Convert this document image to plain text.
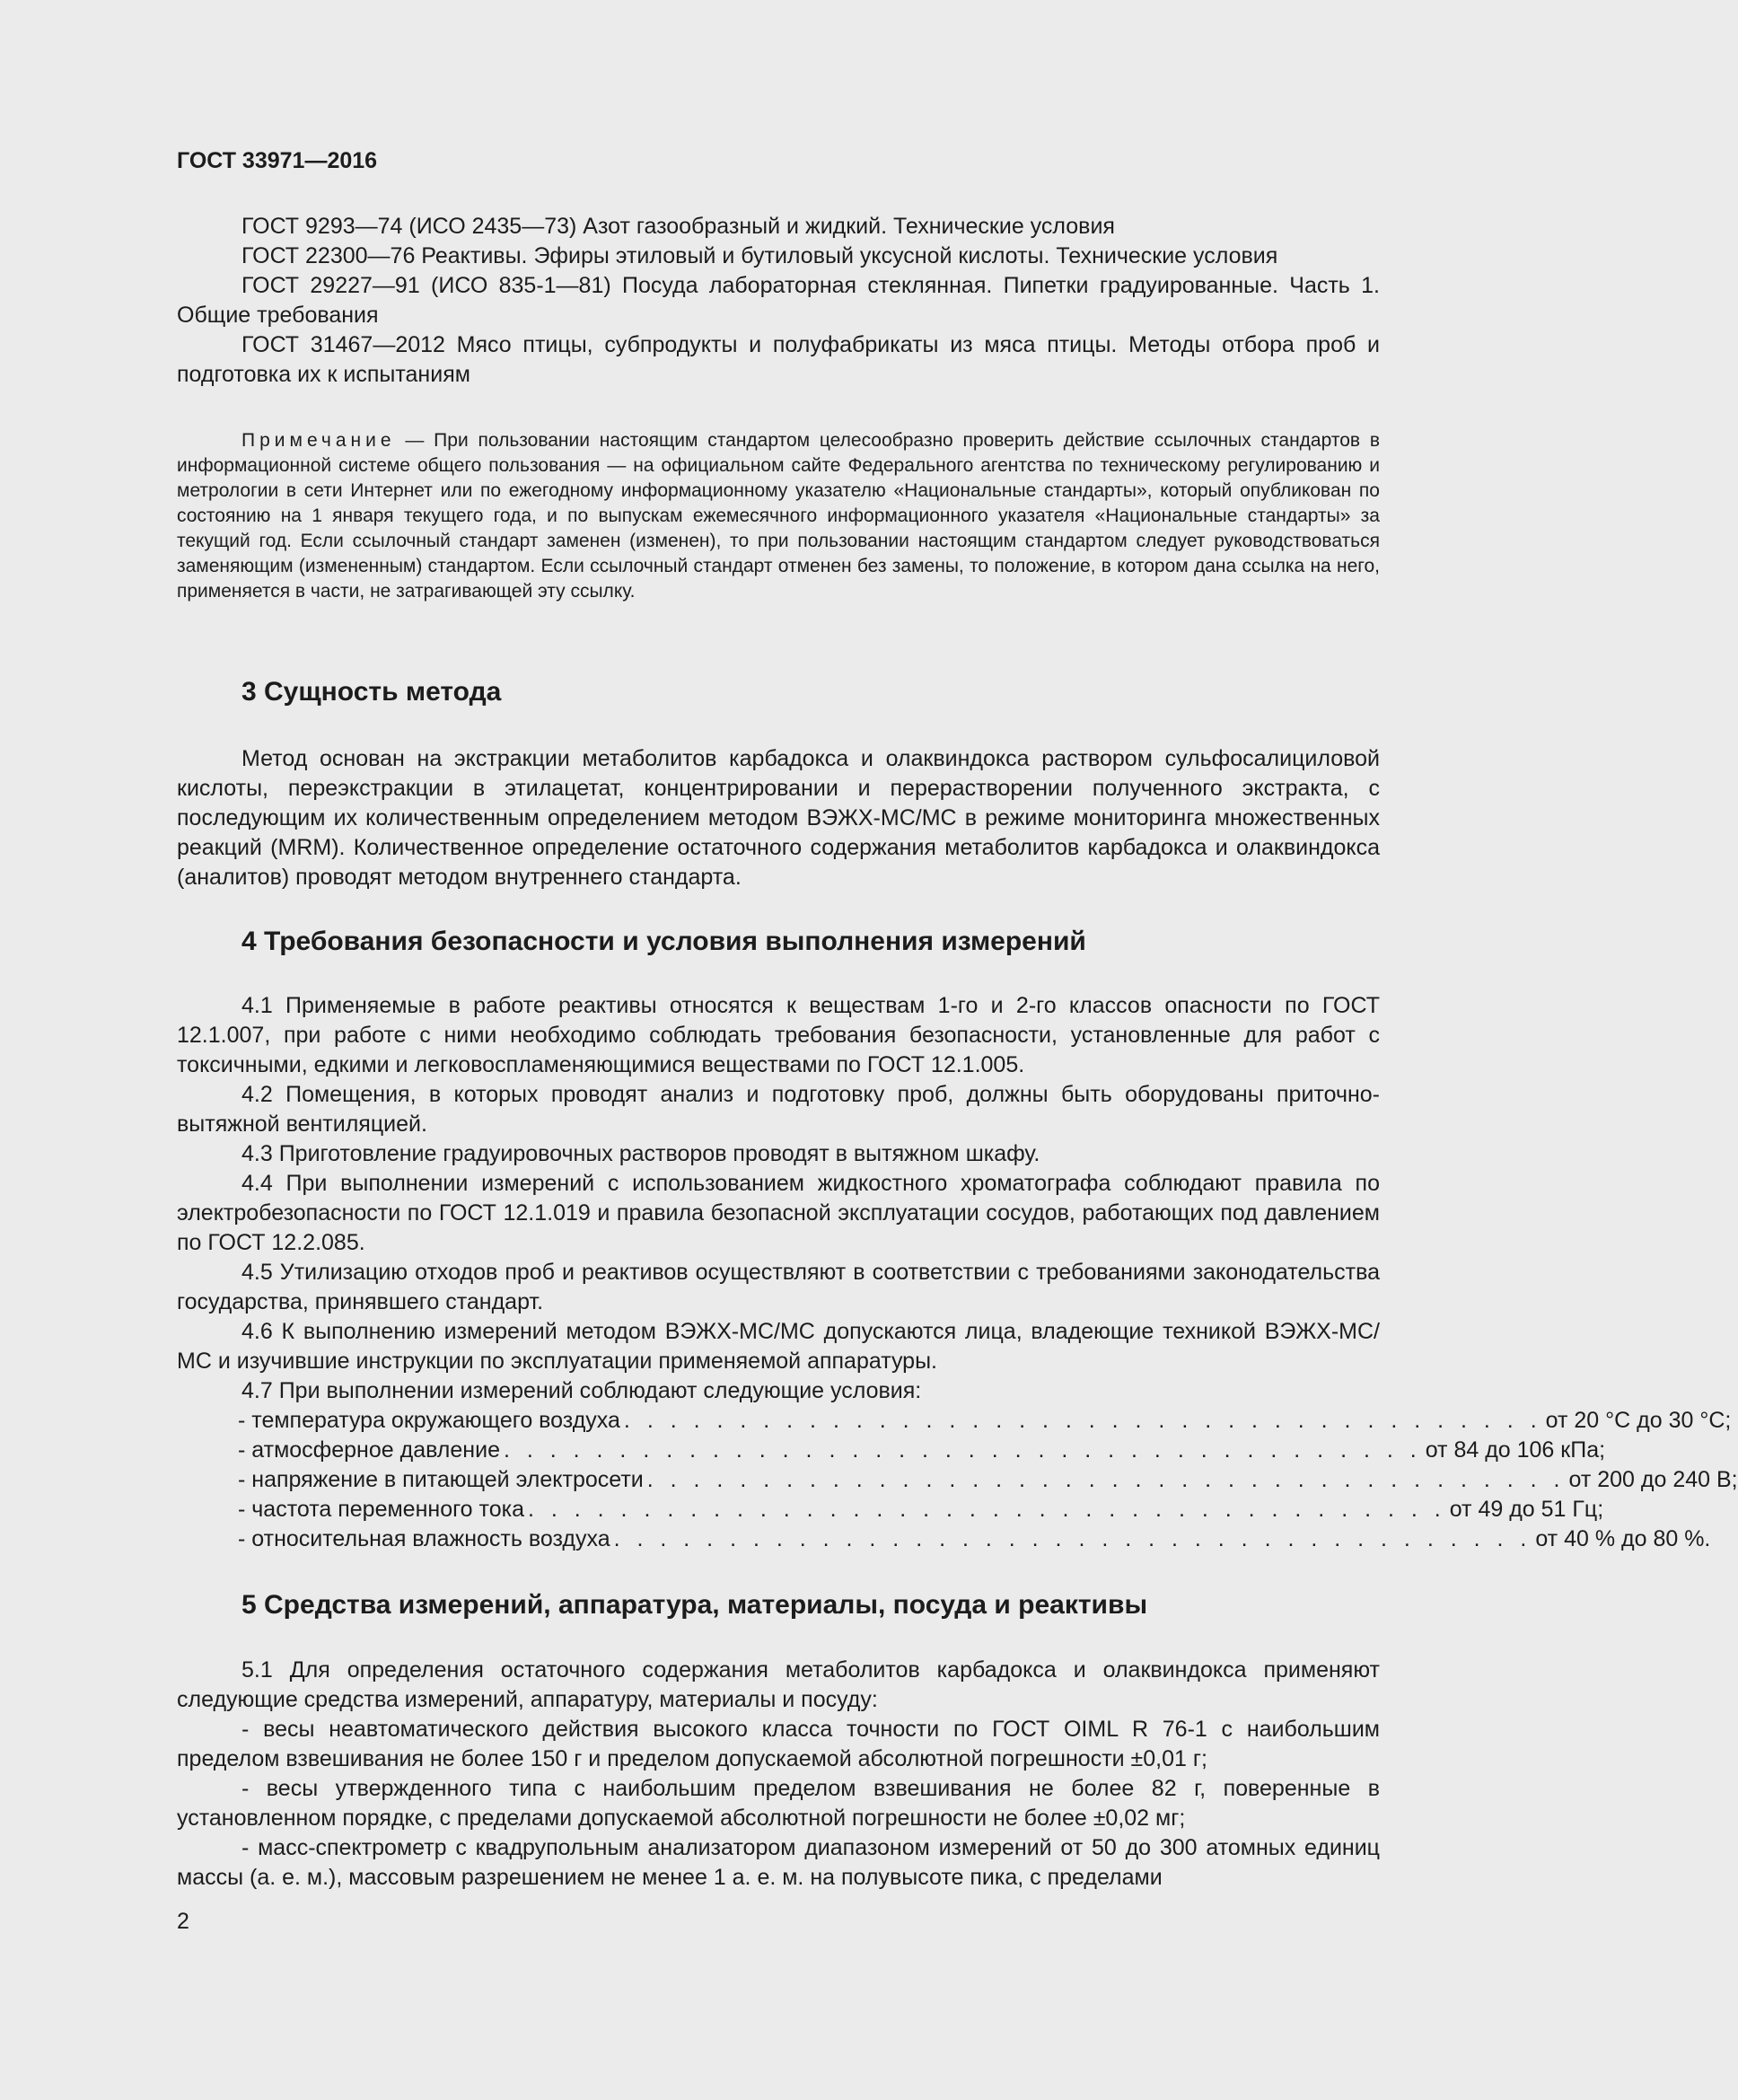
ГОСТ 33971—2016

ГОСТ 9293—74 (ИСО 2435—73) Азот газообразный и жидкий. Технические условия

ГОСТ 22300—76 Реактивы. Эфиры этиловый и бутиловый уксусной кислоты. Технические условия

ГОСТ 29227—91 (ИСО 835-1—81) Посуда лабораторная стеклянная. Пипетки градуированные. Часть 1. Общие требования

ГОСТ 31467—2012 Мясо птицы, субпродукты и полуфабрикаты из мяса птицы. Методы отбора проб и подготовка их к испытаниям

Примечание — При пользовании настоящим стандартом целесообразно проверить действие ссылочных стандартов в информационной системе общего пользования — на официальном сайте Федерального агентства по техническому регулированию и метрологии в сети Интернет или по ежегодному информационному указателю «Национальные стандарты», который опубликован по состоянию на 1 января текущего года, и по выпускам ежемесячного информационного указателя «Национальные стандарты» за текущий год. Если ссылочный стандарт заменен (изменен), то при пользовании настоящим стандартом следует руководствоваться заменяющим (измененным) стандартом. Если ссылочный стандарт отменен без замены, то положение, в котором дана ссылка на него, применяется в части, не затрагивающей эту ссылку.

3 Сущность метода

Метод основан на экстракции метаболитов карбадокса и олаквиндокса раствором сульфосалициловой кислоты, переэкстракции в этилацетат, концентрировании и перерастворении полученного экстракта, с последующим их количественным определением методом ВЭЖХ-МС/МС в режиме мониторинга множественных реакций (MRM). Количественное определение остаточного содержания метаболитов карбадокса и олаквиндокса (аналитов) проводят методом внутреннего стандарта.

4 Требования безопасности и условия выполнения измерений

4.1 Применяемые в работе реактивы относятся к веществам 1-го и 2-го классов опасности по ГОСТ 12.1.007, при работе с ними необходимо соблюдать требования безопасности, установленные для работ с токсичными, едкими и легковоспламеняющимися веществами по ГОСТ 12.1.005.

4.2 Помещения, в которых проводят анализ и подготовку проб, должны быть оборудованы приточно-вытяжной вентиляцией.

4.3 Приготовление градуировочных растворов проводят в вытяжном шкафу.

4.4 При выполнении измерений с использованием жидкостного хроматографа соблюдают правила по электробезопасности по ГОСТ 12.1.019 и правила безопасной эксплуатации сосудов, работающих под давлением по ГОСТ 12.2.085.

4.5 Утилизацию отходов проб и реактивов осуществляют в соответствии с требованиями законодательства государства, принявшего стандарт.

4.6 К выполнению измерений методом ВЭЖХ-МС/МС допускаются лица, владеющие техникой ВЭЖХ-МС/МС и изучившие инструкции по эксплуатации применяемой аппаратуры.

4.7 При выполнении измерений соблюдают следующие условия:

- температура окружающего воздуха . . . . . . . . . . . . . . . . . . . . . . . . . . . . . . . . . . . . . . . . от 20 °С до 30 °С;
- атмосферное давление . . . . . . . . . . . . . . . . . . . . . . . . . . . . . . . . . . . . . . . . от 84 до 106 кПа;
- напряжение в питающей электросети . . . . . . . . . . . . . . . . . . . . . . . . . . . . . . . . . . . . . . . . от 200 до 240 В;
- частота переменного тока . . . . . . . . . . . . . . . . . . . . . . . . . . . . . . . . . . . . . . . . от 49 до 51 Гц;
- относительная влажность воздуха . . . . . . . . . . . . . . . . . . . . . . . . . . . . . . . . . . . . . . . . от 40 % до 80 %.
5 Средства измерений, аппаратура, материалы, посуда и реактивы

5.1 Для определения остаточного содержания метаболитов карбадокса и олаквиндокса применяют следующие средства измерений, аппаратуру, материалы и посуду:

- весы неавтоматического действия высокого класса точности по ГОСТ OIML R 76-1 с наибольшим пределом взвешивания не более 150 г и пределом допускаемой абсолютной погрешности ±0,01 г;

- весы утвержденного типа с наибольшим пределом взвешивания не более 82 г, поверенные в установленном порядке, с пределами допускаемой абсолютной погрешности не более ±0,02 мг;

- масс-спектрометр с квадрупольным анализатором диапазоном измерений от 50 до 300 атомных единиц массы (а. е. м.), массовым разрешением не менее 1 а. е. м. на полувысоте пика, с пределами

2
